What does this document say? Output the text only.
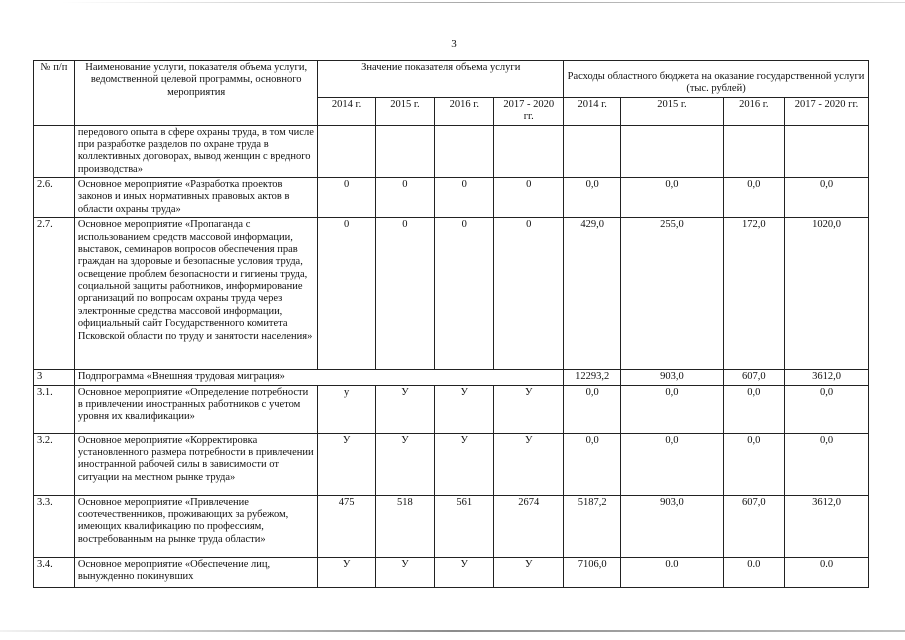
3
№ п/п	Наименование услуги, показателя объема услуги, ведомственной целевой программы, основного мероприятия	Значение показателя объема услуги				Расходы областного бюджета на оказание государственной услуги (тыс. рублей)			
		2014 г.	2015 г.	2016 г.	2017 - 2020 гг.	2014 г.	2015 г.	2016 г.	2017 - 2020 гг.
	передового опыта в сфере охраны труда, в том числе при разработке разделов по охране труда в коллективных договорах, вывод женщин с вредного производства»								
2.6.	Основное мероприятие «Разработка проектов законов и иных нормативных правовых актов в области охраны труда»	0	0	0	0	0,0	0,0	0,0	0,0
2.7.	Основное мероприятие «Пропаганда с использованием средств массовой информации, выставок, семинаров вопросов обеспечения прав граждан на здоровые и безопасные условия труда, освещение проблем безопасности и гигиены труда, социальной защиты работников, информирование организаций по вопросам охраны труда через электронные средства массовой информации, официальный сайт Государственного комитета Псковской области по труду и занятости населения»	0	0	0	0	429,0	255,0	172,0	1020,0
3	Подпрограмма «Внешняя трудовая миграция»					12293,2	903,0	607,0	3612,0
3.1.	Основное мероприятие «Определение потребности в привлечении иностранных работников с учетом уровня их квалификации»	у	У	У	У	0,0	0,0	0,0	0,0
3.2.	Основное мероприятие «Корректировка установленного размера потребности в привлечении иностранной рабочей силы в зависимости от ситуации на местном рынке труда»	У	У	У	У	0,0	0,0	0,0	0,0
3.3.	Основное мероприятие «Привлечение соотечественников, проживающих за рубежом, имеющих квалификацию по профессиям, востребованным на рынке труда области»	475	518	561	2674	5187,2	903,0	607,0	3612,0
3.4.	Основное мероприятие «Обеспечение лиц, вынужденно покинувших	У	У	У	У	7106,0	0.0	0.0	0.0
